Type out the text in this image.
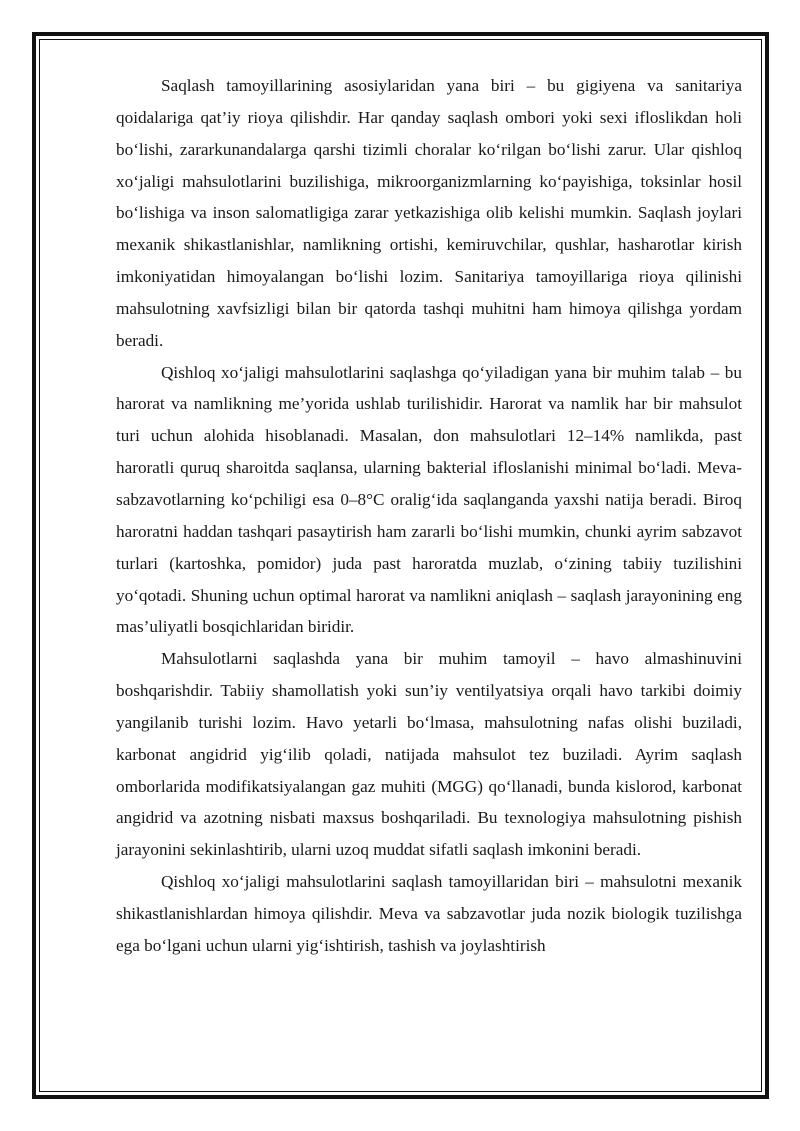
Saqlash tamoyillarining asosiylaridan yana biri – bu gigiyena va sanitariya qoidalariga qat’iy rioya qilishdir. Har qanday saqlash ombori yoki sexi ifloslikdan holi bo‘lishi, zararkunandalarga qarshi tizimli choralar ko‘rilgan bo‘lishi zarur. Ular qishloq xo‘jaligi mahsulotlarini buzilishiga, mikroorganizmlarning ko‘payishiga, toksinlar hosil bo‘lishiga va inson salomatligiga zarar yetkazishiga olib kelishi mumkin. Saqlash joylari mexanik shikastlanishlar, namlikning ortishi, kemiruvchilar, qushlar, hasharotlar kirish imkoniyatidan himoyalangan bo‘lishi lozim. Sanitariya tamoyillariga rioya qilinishi mahsulotning xavfsizligi bilan bir qatorda tashqi muhitni ham himoya qilishga yordam beradi.

Qishloq xo‘jaligi mahsulotlarini saqlashga qo‘yiladigan yana bir muhim talab – bu harorat va namlikning me’yorida ushlab turilishidir. Harorat va namlik har bir mahsulot turi uchun alohida hisoblanadi. Masalan, don mahsulotlari 12–14% namlikda, past haroratli quruq sharoitda saqlansa, ularning bakterial ifloslanishi minimal bo‘ladi. Meva-sabzavotlarning ko‘pchiligi esa 0–8°C oralig‘ida saqlanganda yaxshi natija beradi. Biroq haroratni haddan tashqari pasaytirish ham zararli bo‘lishi mumkin, chunki ayrim sabzavot turlari (kartoshka, pomidor) juda past haroratda muzlab, o‘zining tabiiy tuzilishini yo‘qotadi. Shuning uchun optimal harorat va namlikni aniqlash – saqlash jarayonining eng mas’uliyatli bosqichlaridan biridir.

Mahsulotlarni saqlashda yana bir muhim tamoyil – havo almashinuvini boshqarishdir. Tabiiy shamollatish yoki sun’iy ventilyatsiya orqali havo tarkibi doimiy yangilanib turishi lozim. Havo yetarli bo‘lmasa, mahsulotning nafas olishi buziladi, karbonat angidrid yig‘ilib qoladi, natijada mahsulot tez buziladi. Ayrim saqlash omborlarida modifikatsiyalangan gaz muhiti (MGG) qo‘llanadi, bunda kislorod, karbonat angidrid va azotning nisbati maxsus boshqariladi. Bu texnologiya mahsulotning pishish jarayonini sekinlashtirib, ularni uzoq muddat sifatli saqlash imkonini beradi.

Qishloq xo‘jaligi mahsulotlarini saqlash tamoyillaridan biri – mahsulotni mexanik shikastlanishlardan himoya qilishdir. Meva va sabzavotlar juda nozik biologik tuzilishga ega bo‘lgani uchun ularni yig‘ishtirish, tashish va joylashtirish
